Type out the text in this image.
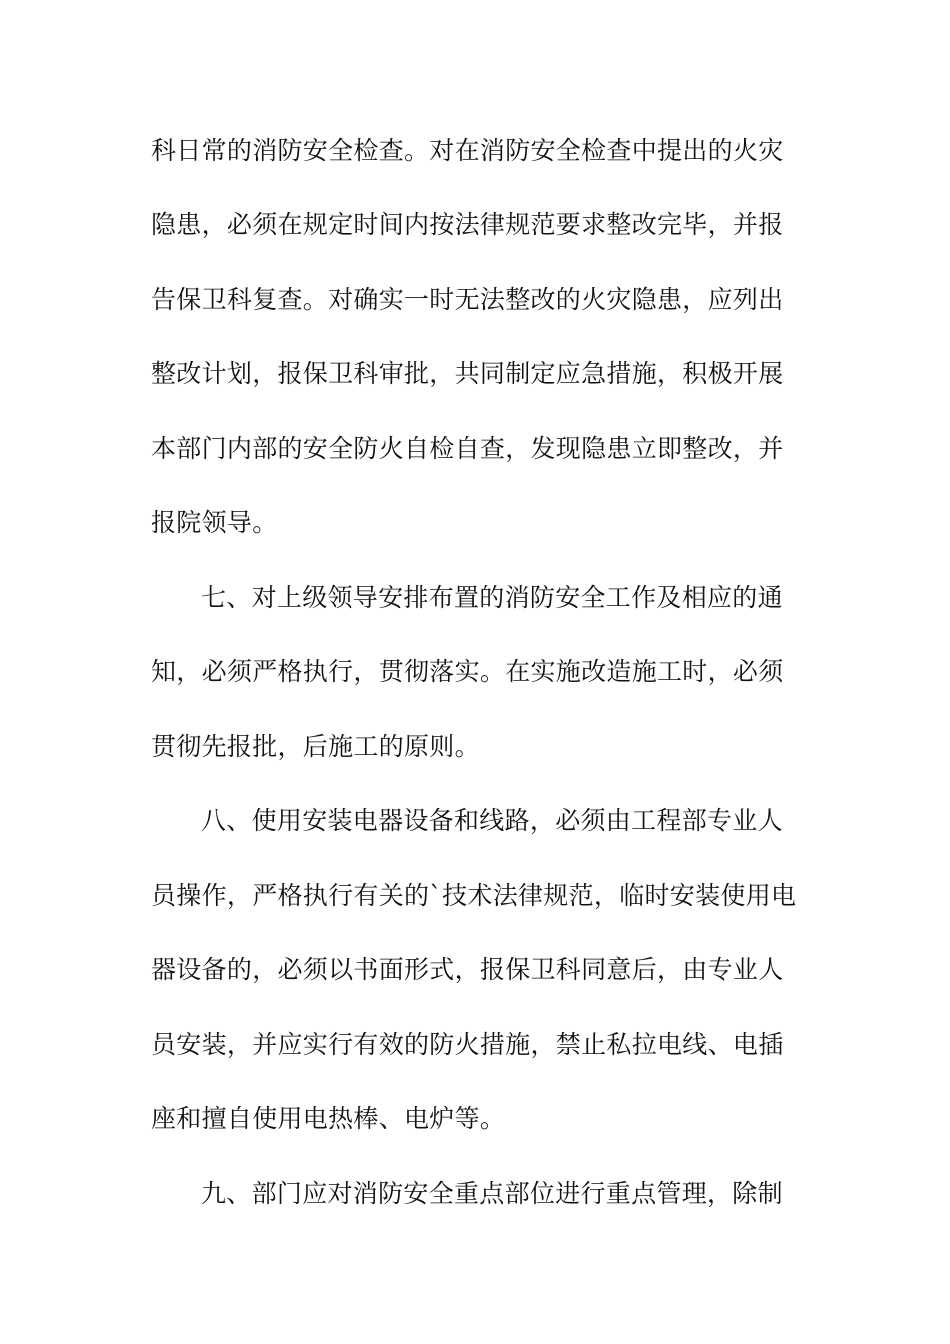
科日常的消防安全检查。对在消防安全检查中提出的火灾
隐患，必须在规定时间内按法律规范要求整改完毕，并报
告保卫科复查。对确实一时无法整改的火灾隐患，应列出
整改计划，报保卫科审批，共同制定应急措施，积极开展
本部门内部的安全防火自检自查，发现隐患立即整改，并
报院领导。
七、对上级领导安排布置的消防安全工作及相应的通
知，必须严格执行，贯彻落实。在实施改造施工时，必须
贯彻先报批，后施工的原则。
八、使用安装电器设备和线路，必须由工程部专业人
员操作，严格执行有关的`技术法律规范，临时安装使用电
器设备的，必须以书面形式，报保卫科同意后，由专业人
员安装，并应实行有效的防火措施，禁止私拉电线、电插
座和擅自使用电热棒、电炉等。
九、部门应对消防安全重点部位进行重点管理，除制
